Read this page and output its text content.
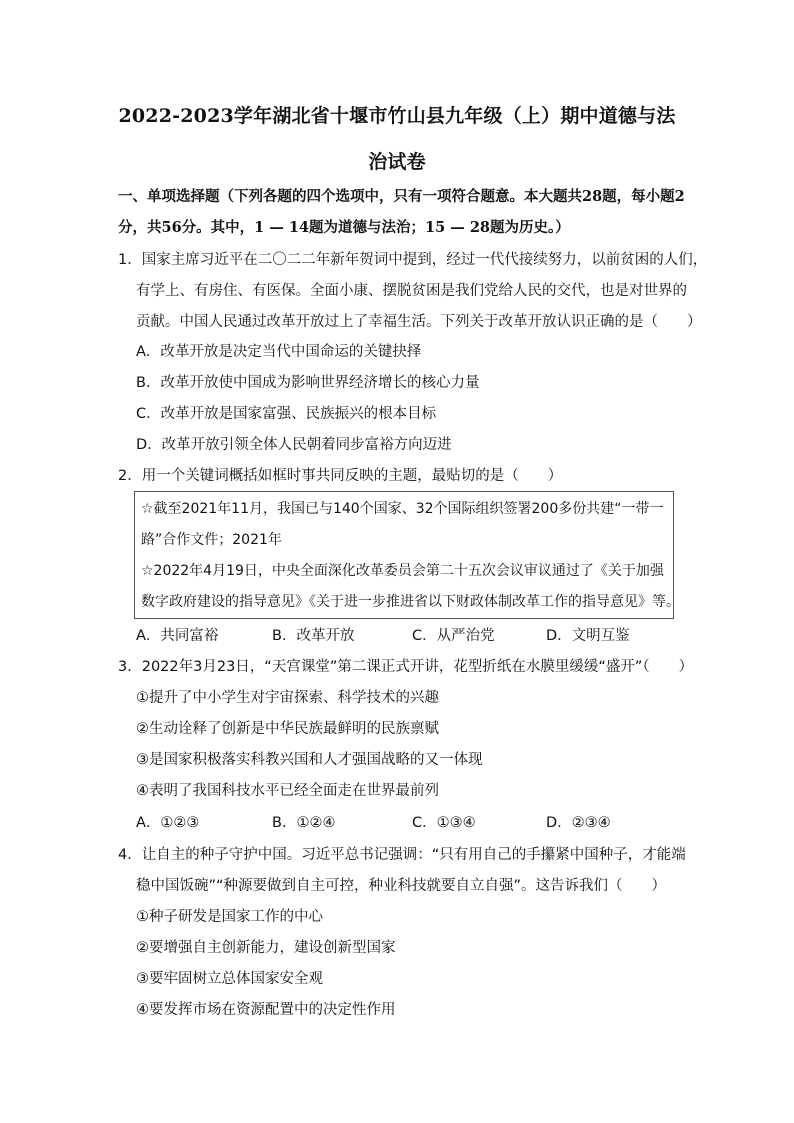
2022-2023学年湖北省十堰市竹山县九年级（上）期中道德与法
治试卷
一、单项选择题（下列各题的四个选项中，只有一项符合题意。本大题共28题，每小题2
分，共56分。其中，1 — 14题为道德与法治；15 — 28题为历史。）
1．国家主席习近平在二〇二二年新年贺词中提到，经过一代代接续努力，以前贫困的人们，
有学上、有房住、有医保。全面小康、摆脱贫困是我们党给人民的交代，也是对世界的
贡献。中国人民通过改革开放过上了幸福生活。下列关于改革开放认识正确的是（　　）
A．改革开放是决定当代中国命运的关键抉择
B．改革开放使中国成为影响世界经济增长的核心力量
C．改革开放是国家富强、民族振兴的根本目标
D．改革开放引领全体人民朝着同步富裕方向迈进
2．用一个关键词概括如框时事共同反映的主题，最贴切的是（　　）
☆截至2021年11月，我国已与140个国家、32个国际组织签署200多份共建“一带一
路”合作文件；2021年
☆2022年4月19日，中央全面深化改革委员会第二十五次会议审议通过了《关于加强
数字政府建设的指导意见》《关于进一步推进省以下财政体制改革工作的指导意见》等。
A．共同富裕	B．改革开放	C．从严治党	D．文明互鉴
3．2022年3月23日，“天宫课堂”第二课正式开讲，花型折纸在水膜里缓缓“盛开”（　　）
①提升了中小学生对宇宙探索、科学技术的兴趣
②生动诠释了创新是中华民族最鲜明的民族禀赋
③是国家积极落实科教兴国和人才强国战略的又一体现
④表明了我国科技水平已经全面走在世界最前列
A．①②③	B．①②④	C．①③④	D．②③④
4．让自主的种子守护中国。习近平总书记强调：“只有用自己的手攥紧中国种子，才能端
稳中国饭碗”“种源要做到自主可控，种业科技就要自立自强”。这告诉我们（　　）
①种子研发是国家工作的中心
②要增强自主创新能力，建设创新型国家
③要牢固树立总体国家安全观
④要发挥市场在资源配置中的决定性作用
